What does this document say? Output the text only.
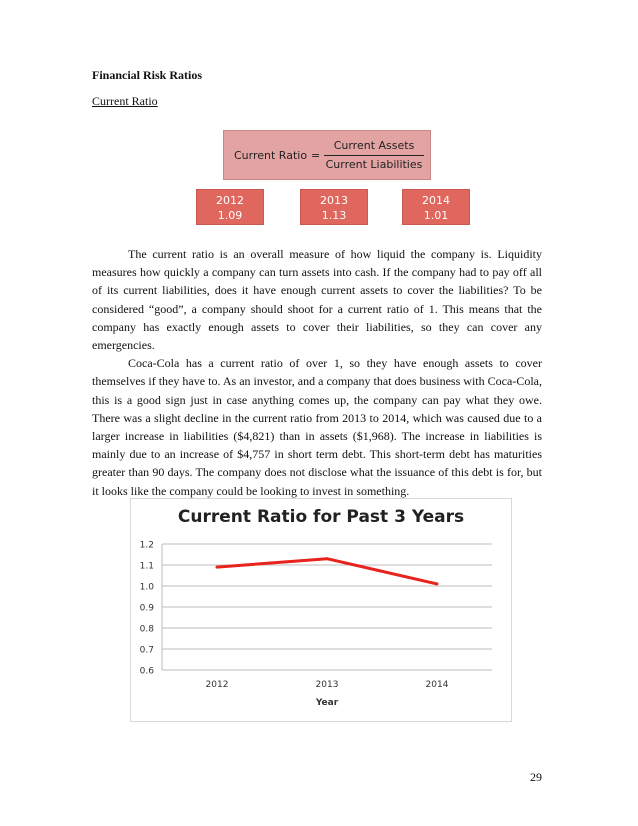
Financial Risk Ratios
Current Ratio
Current Ratio =
Current Assets
Current Liabilities
2012
1.09
2013
1.13
2014
1.01

The current ratio is an overall measure of how liquid the company is. Liquidity measures how quickly a company can turn assets into cash. If the company had to pay off all of its current liabilities, does it have enough current assets to cover the liabilities? To be considered “good”, a company should shoot for a current ratio of 1. This means that the company has exactly enough assets to cover their liabilities, so they can cover any emergencies.

Coca-Cola has a current ratio of over 1, so they have enough assets to cover themselves if they have to. As an investor, and a company that does business with Coca-Cola, this is a good sign just in case anything comes up, the company can pay what they owe. There was a slight decline in the current ratio from 2013 to 2014, which was caused due to a larger increase in liabilities ($4,821) than in assets ($1,968). The increase in liabilities is mainly due to an increase of $4,757 in short term debt. This short-term debt has maturities greater than 90 days. The company does not disclose what the issuance of this debt is for, but it looks like the company could be looking to invest in something.

Current Ratio for Past 3 Years
0.6
0.7
0.8
0.9
1.0
1.1
1.2
2012	2013	2014
Year
29
